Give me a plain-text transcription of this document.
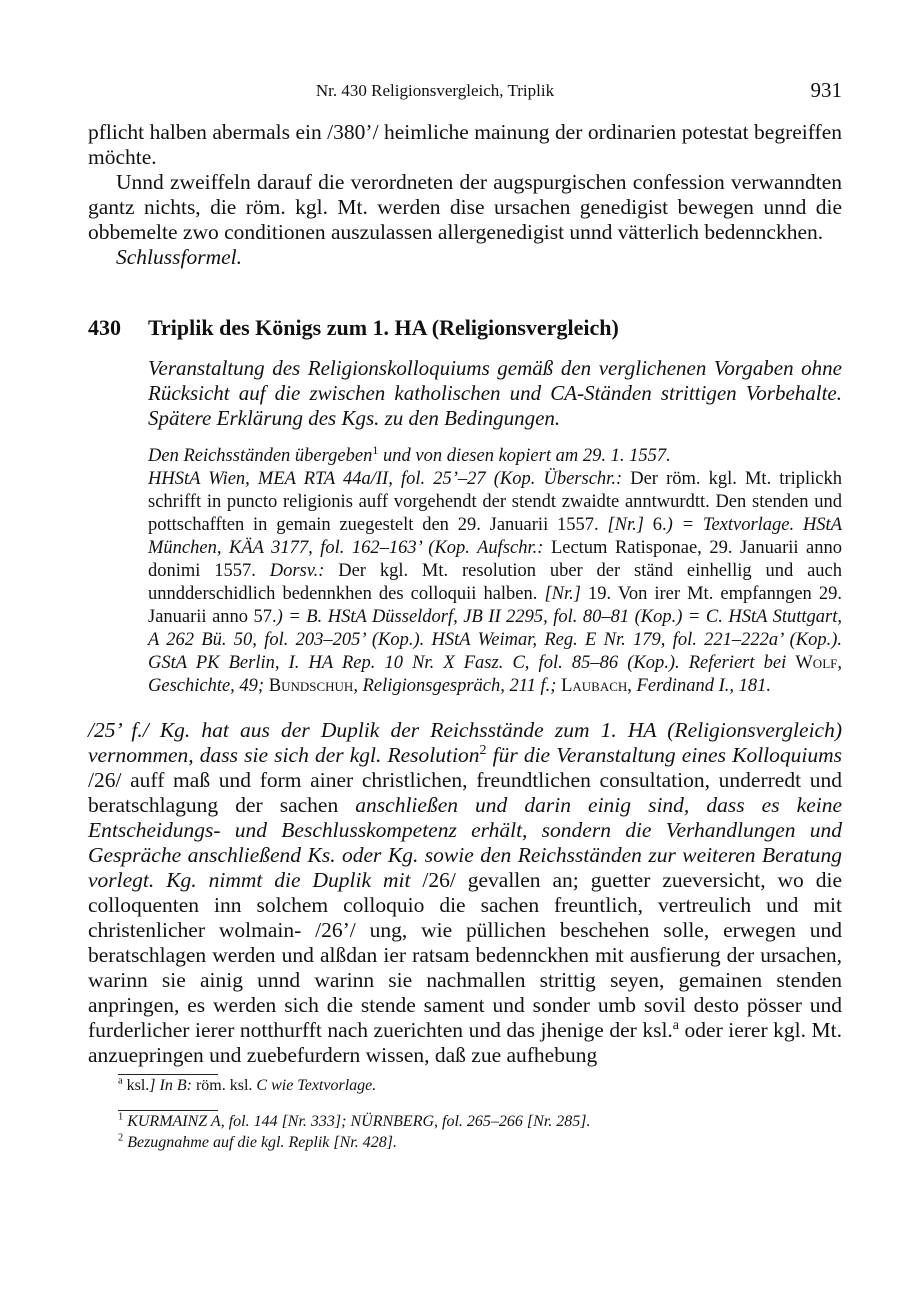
Nr. 430 Religionsvergleich, Triplik	931

pflicht halben abermals ein /380’/ heimliche mainung der ordinarien potestat begreiffen möchte.

Unnd zweiffeln darauf die verordneten der augspurgischen confession verwanndten gantz nichts, die röm. kgl. Mt. werden dise ursachen genedigist bewegen unnd die obbemelte zwo conditionen auszulassen allergenedigist unnd vätterlich bedennckhen.

Schlussformel.

430 Triplik des Königs zum 1. HA (Religionsvergleich)
Veranstaltung des Religionskolloquiums gemäß den verglichenen Vorgaben ohne Rücksicht auf die zwischen katholischen und CA-Ständen strittigen Vorbehalte. Spätere Erklärung des Kgs. zu den Bedingungen.

Den Reichsständen übergeben$^1$ und von diesen kopiert am 29. 1. 1557.

HHStA Wien, MEA RTA 44a/II, fol. 25’–27 (Kop. Überschr.: Der röm. kgl. Mt. triplickh schrifft in puncto religionis auff vorgehendt der stendt zwaidte anntwurdtt. Den stenden und pottschafften in gemain zuegestelt den 29. Januarii 1557. [Nr.] 6.) = Textvorlage. HStA München, KÄA 3177, fol. 162–163’ (Kop. Aufschr.: Lectum Ratisponae, 29. Januarii anno donimi 1557. Dorsv.: Der kgl. Mt. resolution uber der ständ einhellig und auch unndderschidlich bedennkhen des colloquii halben. [Nr.] 19. Von irer Mt. empfanngen 29. Januarii anno 57.) = B. HStA Düsseldorf, JB II 2295, fol. 80–81 (Kop.) = C. HStA Stuttgart, A 262 Bü. 50, fol. 203–205’ (Kop.). HStA Weimar, Reg. E Nr. 179, fol. 221–222a’ (Kop.). GStA PK Berlin, I. HA Rep. 10 Nr. X Fasz. C, fol. 85–86 (Kop.). Referiert bei Wolf, Geschichte, 49; Bundschuh, Religionsgespräch, 211 f.; Laubach, Ferdinand I., 181.

/25’ f./ Kg. hat aus der Duplik der Reichsstände zum 1. HA (Religionsvergleich) vernommen, dass sie sich der kgl. Resolution$^2$ für die Veranstaltung eines Kolloquiums /26/ auff maß und form ainer christlichen, freundtlichen consultation, underredt und beratschlagung der sachen anschließen und darin einig sind, dass es keine Entscheidungs- und Beschlusskompetenz erhält, sondern die Verhandlungen und Gespräche anschließend Ks. oder Kg. sowie den Reichsständen zur weiteren Beratung vorlegt. Kg. nimmt die Duplik mit /26/ gevallen an; guetter zueversicht, wo die colloquenten inn solchem colloquio die sachen freuntlich, vertreulich und mit christenlicher wolmain- /26’/ ung, wie püllichen beschehen solle, erwegen und beratschlagen werden und alßdan ier ratsam bedennckhen mit ausfierung der ursachen, warinn sie ainig unnd warinn sie nachmallen strittig seyen, gemainen stenden anpringen, es werden sich die stende sament und sonder umb sovil desto pösser und furderlicher ierer notthurfft nach zuerichten und das jhenige der ksl.$^a$ oder ierer kgl. Mt. anzuepringen und zuebefurdern wissen, daß zue aufhebung

$^a$ ksl.] In B: röm. ksl. C wie Textvorlage.

$^1$ KURMAINZ A, fol. 144 [Nr. 333]; NÜRNBERG, fol. 265–266 [Nr. 285].

$^2$ Bezugnahme auf die kgl. Replik [Nr. 428].
